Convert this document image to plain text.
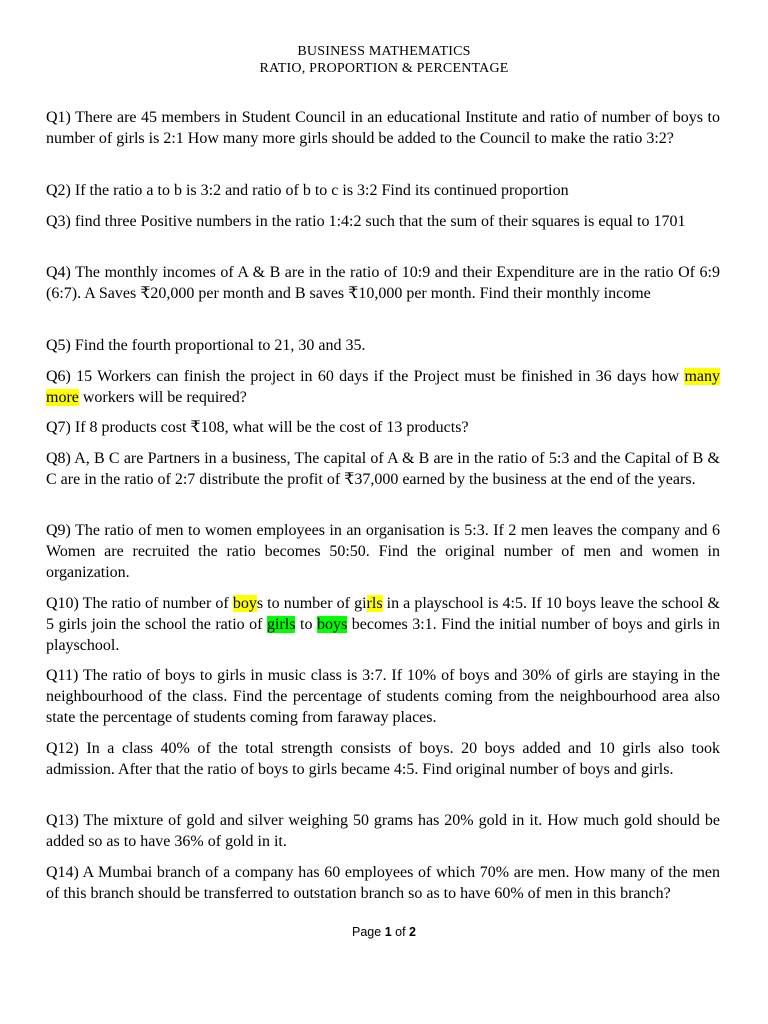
BUSINESS MATHEMATICS
RATIO, PROPORTION & PERCENTAGE
Q1) There are 45 members in Student Council in an educational Institute and ratio of number of boys to number of girls is 2:1 How many more girls should be added to the Council to make the ratio 3:2?
Q2) If the ratio a to b is 3:2 and ratio of b to c is 3:2 Find its continued proportion
Q3) find three Positive numbers in the ratio 1:4:2 such that the sum of their squares is equal to 1701
Q4) The monthly incomes of A & B are in the ratio of 10:9 and their Expenditure are in the ratio Of 6:9 (6:7). A Saves ₹20,000 per month and B saves ₹10,000 per month. Find their monthly income
Q5) Find the fourth proportional to 21, 30 and 35.
Q6) 15 Workers can finish the project in 60 days if the Project must be finished in 36 days how many more workers will be required?
Q7) If 8 products cost ₹108, what will be the cost of 13 products?
Q8) A, B C are Partners in a business, The capital of A & B are in the ratio of 5:3 and the Capital of B & C are in the ratio of 2:7 distribute the profit of ₹37,000 earned by the business at the end of the years.
Q9) The ratio of men to women employees in an organisation is 5:3. If 2 men leaves the company and 6 Women are recruited the ratio becomes 50:50. Find the original number of men and women in organization.
Q10) The ratio of number of boys to number of girls in a playschool is 4:5. If 10 boys leave the school & 5 girls join the school the ratio of girls to boys becomes 3:1. Find the initial number of boys and girls in playschool.
Q11) The ratio of boys to girls in music class is 3:7. If 10% of boys and 30% of girls are staying in the neighbourhood of the class. Find the percentage of students coming from the neighbourhood area also state the percentage of students coming from faraway places.
Q12) In a class 40% of the total strength consists of boys. 20 boys added and 10 girls also took admission. After that the ratio of boys to girls became 4:5. Find original number of boys and girls.
Q13) The mixture of gold and silver weighing 50 grams has 20% gold in it. How much gold should be added so as to have 36% of gold in it.
Q14) A Mumbai branch of a company has 60 employees of which 70% are men. How many of the men of this branch should be transferred to outstation branch so as to have 60% of men in this branch?
Page 1 of 2
